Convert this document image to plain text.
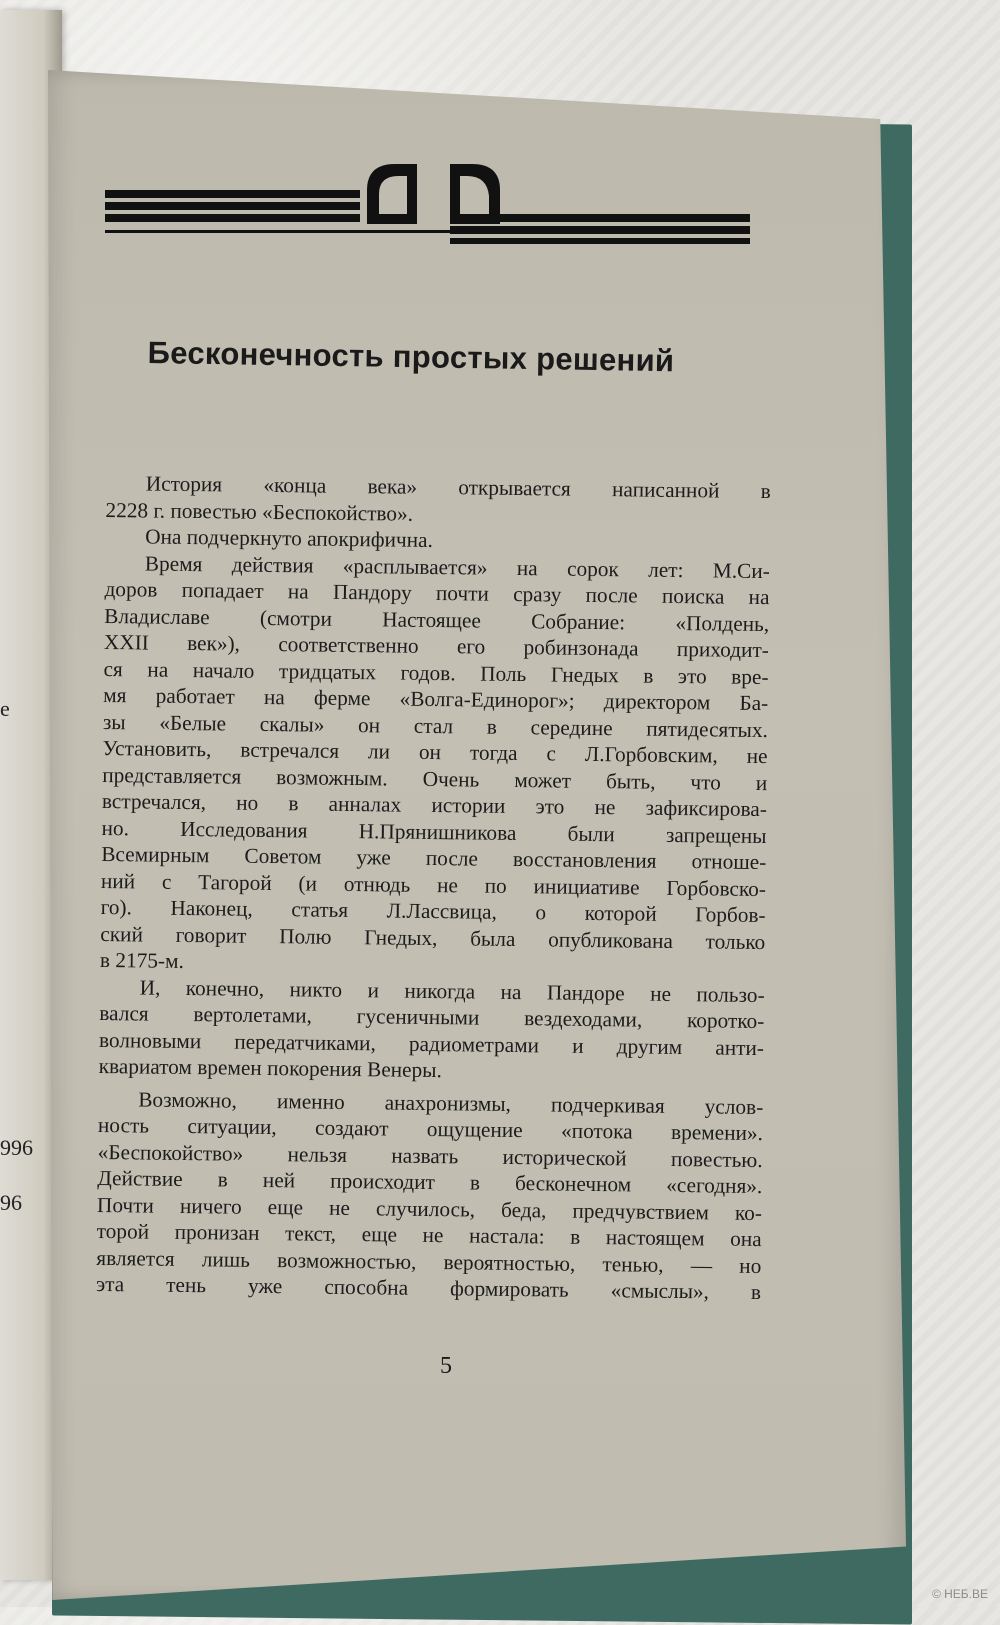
е
996
96
Бесконечность простых решений
История «конца века» открывается написанной в
2228 г. повестью «Беспокойство».
Она подчеркнуто апокрифична.
Время действия «расплывается» на сорок лет: М.Си-
доров попадает на Пандору почти сразу после поиска на
Владиславе (смотри Настоящее Собрание: «Полдень,
XXII век»), соответственно его робинзонада приходит-
ся на начало тридцатых годов. Поль Гнедых в это вре-
мя работает на ферме «Волга-Единорог»; директором Ба-
зы «Белые скалы» он стал в середине пятидесятых.
Установить, встречался ли он тогда с Л.Горбовским, не
представляется возможным. Очень может быть, что и
встречался, но в анналах истории это не зафиксирова-
но. Исследования Н.Прянишникова были запрещены
Всемирным Советом уже после восстановления отноше-
ний с Тагорой (и отнюдь не по инициативе Горбовско-
го). Наконец, статья Л.Лассвица, о которой Горбов-
ский говорит Полю Гнедых, была опубликована только
в 2175-м.
И, конечно, никто и никогда на Пандоре не пользо-
вался вертолетами, гусеничными вездеходами, коротко-
волновыми передатчиками, радиометрами и другим анти-
квариатом времен покорения Венеры.
Возможно, именно анахронизмы, подчеркивая услов-
ность ситуации, создают ощущение «потока времени».
«Беспокойство» нельзя назвать исторической повестью.
Действие в ней происходит в бесконечном «сегодня».
Почти ничего еще не случилось, беда, предчувствием ко-
торой пронизан текст, еще не настала: в настоящем она
является лишь возможностью, вероятностью, тенью, — но
эта тень уже способна формировать «смыслы», в
5
© НЕБ.ВЕ
